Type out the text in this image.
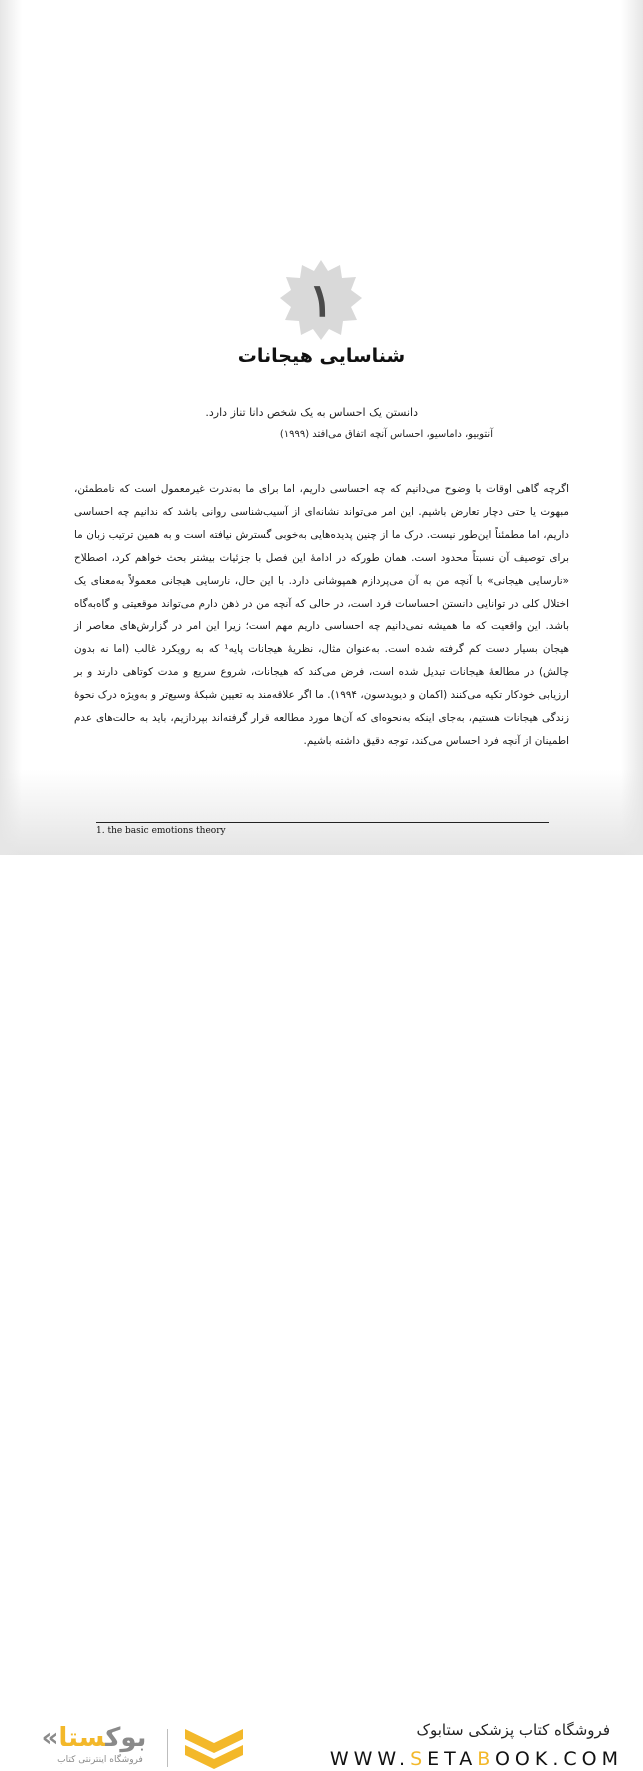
۱
شناسایی هیجانات
دانستن یک احساس به یک شخص دانا تناز دارد.
آنتوبیو، داماسیو، احساس آنچه اتفاق می‌افتد (۱۹۹۹)

اگرچه گاهی اوقات با وضوح می‌دانیم که چه احساسی داریم، اما برای ما به‌ندرت غیرمعمول است که نامطمئن، مبهوت یا حتی دچار تعارض باشیم. این امر می‌تواند نشانه‌ای از آسیب‌شناسی روانی باشد که ندانیم چه احساسی داریم، اما مطمئناً این‌طور نیست. درک ما از چنین پدیده‌هایی به‌خوبی گسترش نیافته است و به همین ترتیب زبان ما برای توصیف آن نسبتاً محدود است. همان طورکه در ادامهٔ این فصل با جزئیات بیشتر بحث خواهم کرد، اصطلاح «نارسایی هیجانی» با آنچه من به آن می‌پردازم همپوشانی دارد. با این حال، نارسایی هیجانی معمولاً به‌معنای یک اختلال کلی در توانایی دانستن احساسات فرد است، در حالی که آنچه من در ذهن دارم می‌تواند موقعیتی و گاه‌به‌گاه باشد. این واقعیت که ما همیشه نمی‌دانیم چه احساسی داریم مهم است؛ زیرا این امر در گزارش‌های معاصر از هیجان بسیار دست کم گرفته شده است. به‌عنوان مثال، نظریهٔ هیجانات پایه¹ که به رویکرد غالب (اما نه بدون چالش) در مطالعهٔ هیجانات تبدیل شده است، فرض می‌کند که هیجانات، شروع سریع و مدت کوتاهی دارند و بر ارزیابی خودکار تکیه می‌کنند (اکمان و دیویدسون، ۱۹۹۴). ما اگر علاقه‌مند به تعیین شبکهٔ وسیع‌تر و به‌ویژه درک نحوهٔ زندگی هیجانات هستیم، به‌جای اینکه به‌نحوه‌ای که آن‌ها مورد مطالعه قرار گرفته‌اند بپردازیم، باید به حالت‌های عدم اطمینان از آنچه فرد احساس می‌کند، توجه دقیق داشته باشیم.

1. the basic emotions theory
« بوکستا
فروشگاه اینترنتی کتاب
فروشگاه کتاب پزشکی ستابوک
WWW.SETABOOK.COM
